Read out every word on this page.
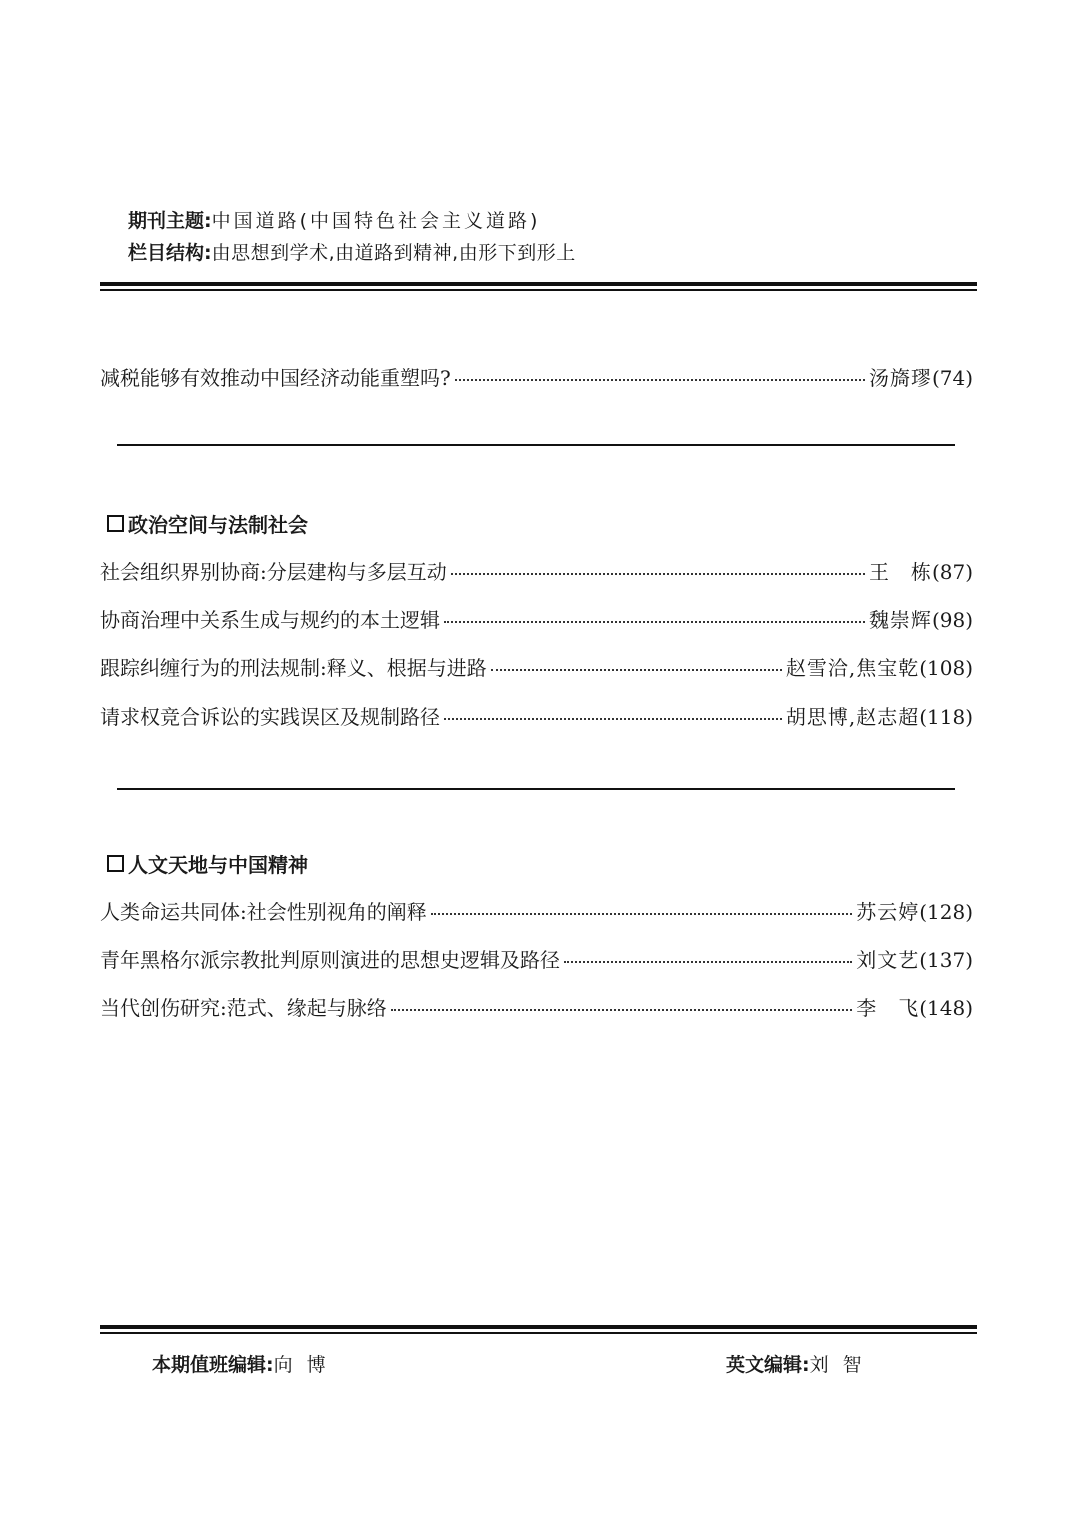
期刊主题:中国道路(中国特色社会主义道路)
栏目结构:由思想到学术,由道路到精神,由形下到形上
减税能够有效推动中国经济动能重塑吗?	汤旖璆 (74)
政治空间与法制社会
社会组织界别协商:分层建构与多层互动	王　栋 (87)
协商治理中关系生成与规约的本土逻辑	魏崇辉 (98)
跟踪纠缠行为的刑法规制:释义、根据与进路	赵雪洽,焦宝乾 (108)
请求权竞合诉讼的实践误区及规制路径	胡思博,赵志超 (118)
人文天地与中国精神
人类命运共同体:社会性别视角的阐释	苏云婷 (128)
青年黑格尔派宗教批判原则演进的思想史逻辑及路径	刘文艺 (137)
当代创伤研究:范式、缘起与脉络	李　飞 (148)
本期值班编辑:向博	英文编辑:刘智
